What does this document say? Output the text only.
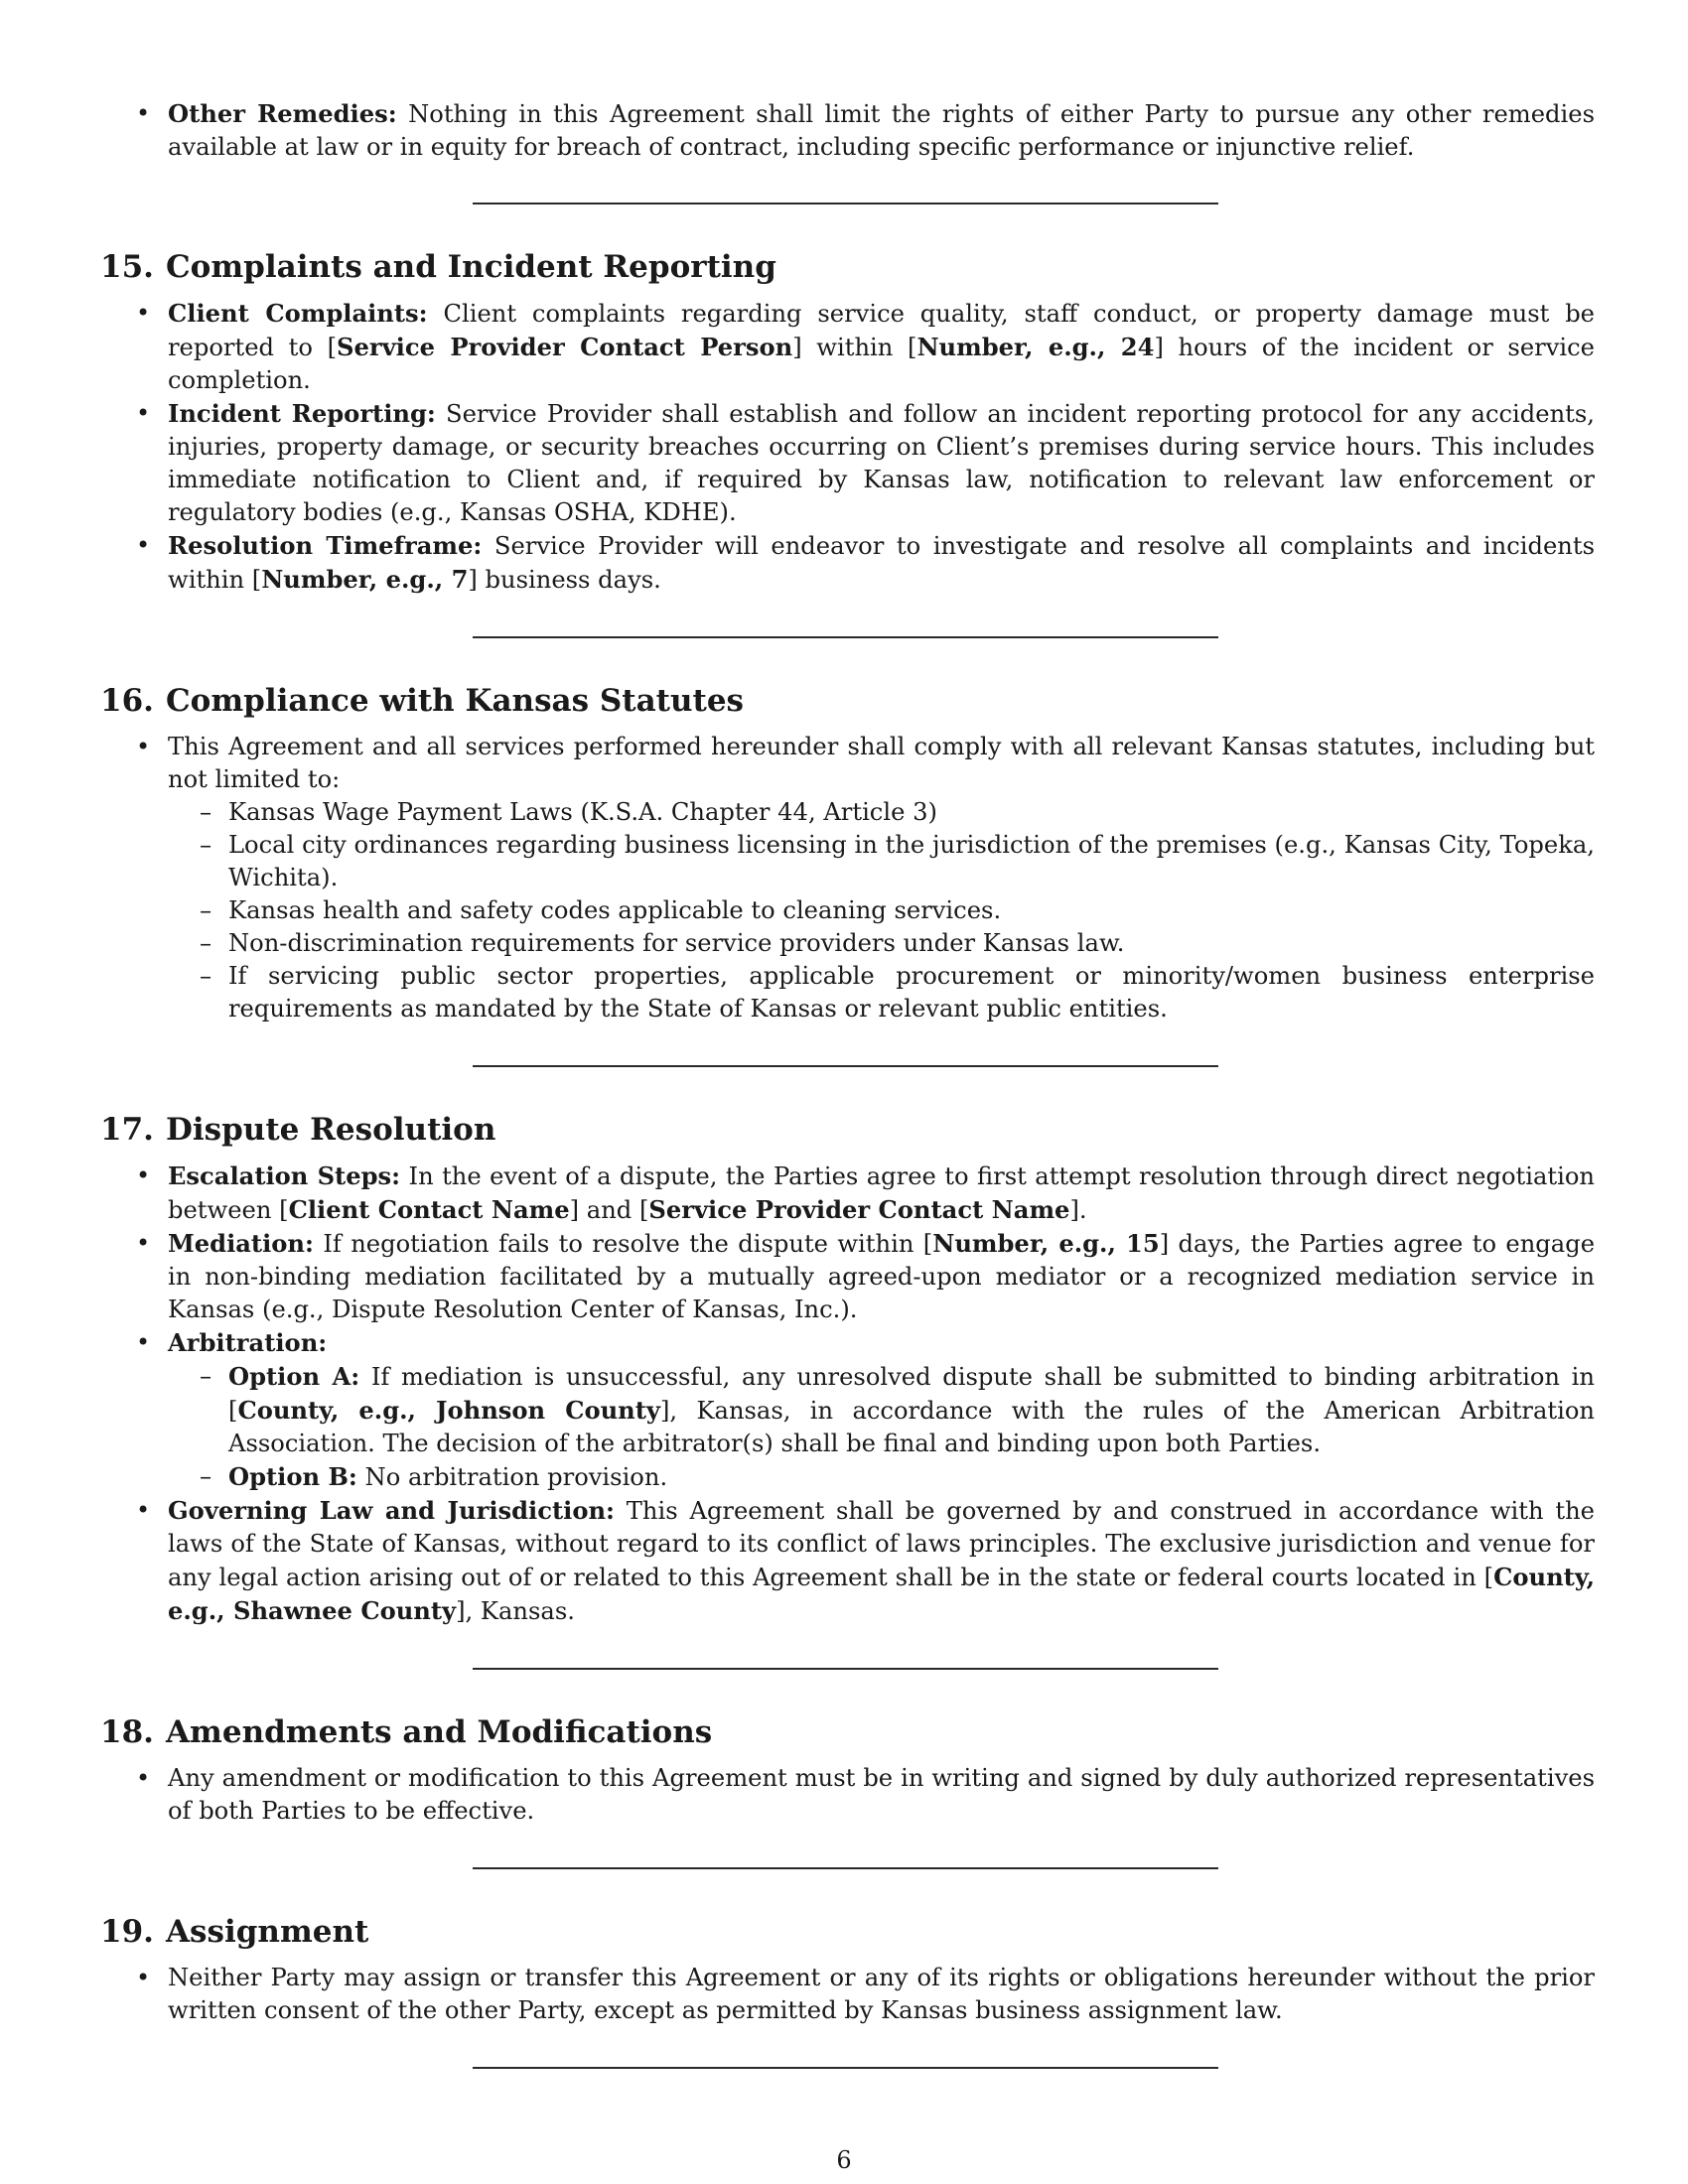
• Other Remedies: Nothing in this Agreement shall limit the rights of either Party to pursue any other remedies available at law or in equity for breach of contract, including specific performance or injunctive relief.
15. Complaints and Incident Reporting
• Client Complaints: Client complaints regarding service quality, staff conduct, or property damage must be reported to [Service Provider Contact Person] within [Number, e.g., 24] hours of the incident or service completion.
• Incident Reporting: Service Provider shall establish and follow an incident reporting protocol for any accidents, injuries, property damage, or security breaches occurring on Client’s premises during service hours. This includes immediate notification to Client and, if required by Kansas law, notification to relevant law enforcement or regulatory bodies (e.g., Kansas OSHA, KDHE).
• Resolution Timeframe: Service Provider will endeavor to investigate and resolve all complaints and incidents within [Number, e.g., 7] business days.
16. Compliance with Kansas Statutes
• This Agreement and all services performed hereunder shall comply with all relevant Kansas statutes, including but not limited to:
– Kansas Wage Payment Laws (K.S.A. Chapter 44, Article 3)
– Local city ordinances regarding business licensing in the jurisdiction of the premises (e.g., Kansas City, Topeka, Wichita).
– Kansas health and safety codes applicable to cleaning services.
– Non-discrimination requirements for service providers under Kansas law.
– If servicing public sector properties, applicable procurement or minority/women business enterprise requirements as mandated by the State of Kansas or relevant public entities.
17. Dispute Resolution
• Escalation Steps: In the event of a dispute, the Parties agree to first attempt resolution through direct negotiation between [Client Contact Name] and [Service Provider Contact Name].
• Mediation: If negotiation fails to resolve the dispute within [Number, e.g., 15] days, the Parties agree to engage in non-binding mediation facilitated by a mutually agreed-upon mediator or a recognized mediation service in Kansas (e.g., Dispute Resolution Center of Kansas, Inc.).
• Arbitration:
– Option A: If mediation is unsuccessful, any unresolved dispute shall be submitted to binding arbitration in [County, e.g., Johnson County], Kansas, in accordance with the rules of the American Arbitration Association. The decision of the arbitrator(s) shall be final and binding upon both Parties.
– Option B: No arbitration provision.
• Governing Law and Jurisdiction: This Agreement shall be governed by and construed in accordance with the laws of the State of Kansas, without regard to its conflict of laws principles. The exclusive jurisdiction and venue for any legal action arising out of or related to this Agreement shall be in the state or federal courts located in [County, e.g., Shawnee County], Kansas.
18. Amendments and Modifications
• Any amendment or modification to this Agreement must be in writing and signed by duly authorized representatives of both Parties to be effective.
19. Assignment
• Neither Party may assign or transfer this Agreement or any of its rights or obligations hereunder without the prior written consent of the other Party, except as permitted by Kansas business assignment law.
6
